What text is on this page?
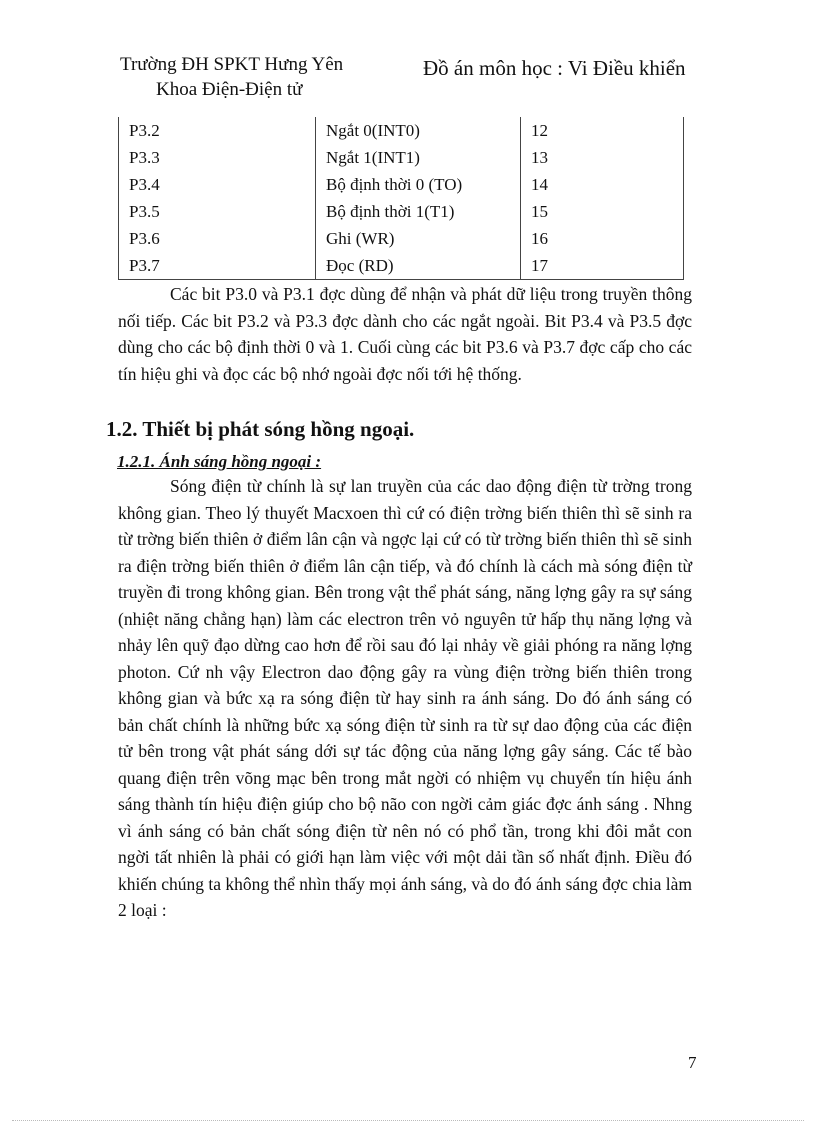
Trường ĐH SPKT Hưng Yên
Khoa Điện-Điện tử
Đồ án môn học : Vi Điều khiển
P3.2	Ngắt 0(INT0)	12
P3.3	Ngắt 1(INT1)	13
P3.4	Bộ định thời 0 (TO)	14
P3.5	Bộ định thời 1(T1)	15
P3.6	Ghi (WR)	16
P3.7	Đọc (RD)	17

Các bit P3.0 và P3.1 đợc dùng để nhận và phát dữ liệu trong truyền thông nối tiếp. Các bit P3.2 và P3.3 đợc dành cho các ngắt ngoài. Bit P3.4 và P3.5 đợc dùng cho các bộ định thời 0 và 1. Cuối cùng các bit P3.6 và P3.7 đợc cấp cho các tín hiệu ghi và đọc các bộ nhớ ngoài đợc nối tới hệ thống.

1.2. Thiết bị phát sóng hồng ngoại.
1.2.1. Ánh sáng hồng ngoại :

Sóng điện từ chính là sự lan truyền của các dao động điện từ trờng trong không gian. Theo lý thuyết Macxoen thì cứ có điện trờng biến thiên thì sẽ sinh ra từ trờng biến thiên ở điểm lân cận và ngợc lại cứ có từ trờng biến thiên thì sẽ sinh ra điện trờng biến thiên ở điểm lân cận tiếp, và đó chính là cách mà sóng điện từ truyền đi trong không gian. Bên trong vật thể phát sáng, năng lợng gây ra sự sáng (nhiệt năng chẳng hạn) làm các electron trên vỏ nguyên tử hấp thụ năng lợng và nhảy lên quỹ đạo dừng cao hơn để rồi sau đó lại nhảy về giải phóng ra năng lợng photon. Cứ nh vậy Electron dao động gây ra vùng điện trờng biến thiên trong không gian và bức xạ ra sóng điện từ hay sinh ra ánh sáng. Do đó ánh sáng có bản chất chính là những bức xạ sóng điện từ sinh ra từ sự dao động của các điện tử bên trong vật phát sáng dới sự tác động của năng lợng gây sáng. Các tế bào quang điện trên võng mạc bên trong mắt ngời có nhiệm vụ chuyển tín hiệu ánh sáng thành tín hiệu điện giúp cho bộ não con ngời cảm giác đợc ánh sáng . Nhng vì ánh sáng có bản chất sóng điện từ nên nó có phổ tần, trong khi đôi mắt con ngời tất nhiên là phải có giới hạn làm việc với một dải tần số nhất định. Điều đó khiến chúng ta không thể nhìn thấy mọi ánh sáng, và do đó ánh sáng đợc chia làm 2 loại :

7
